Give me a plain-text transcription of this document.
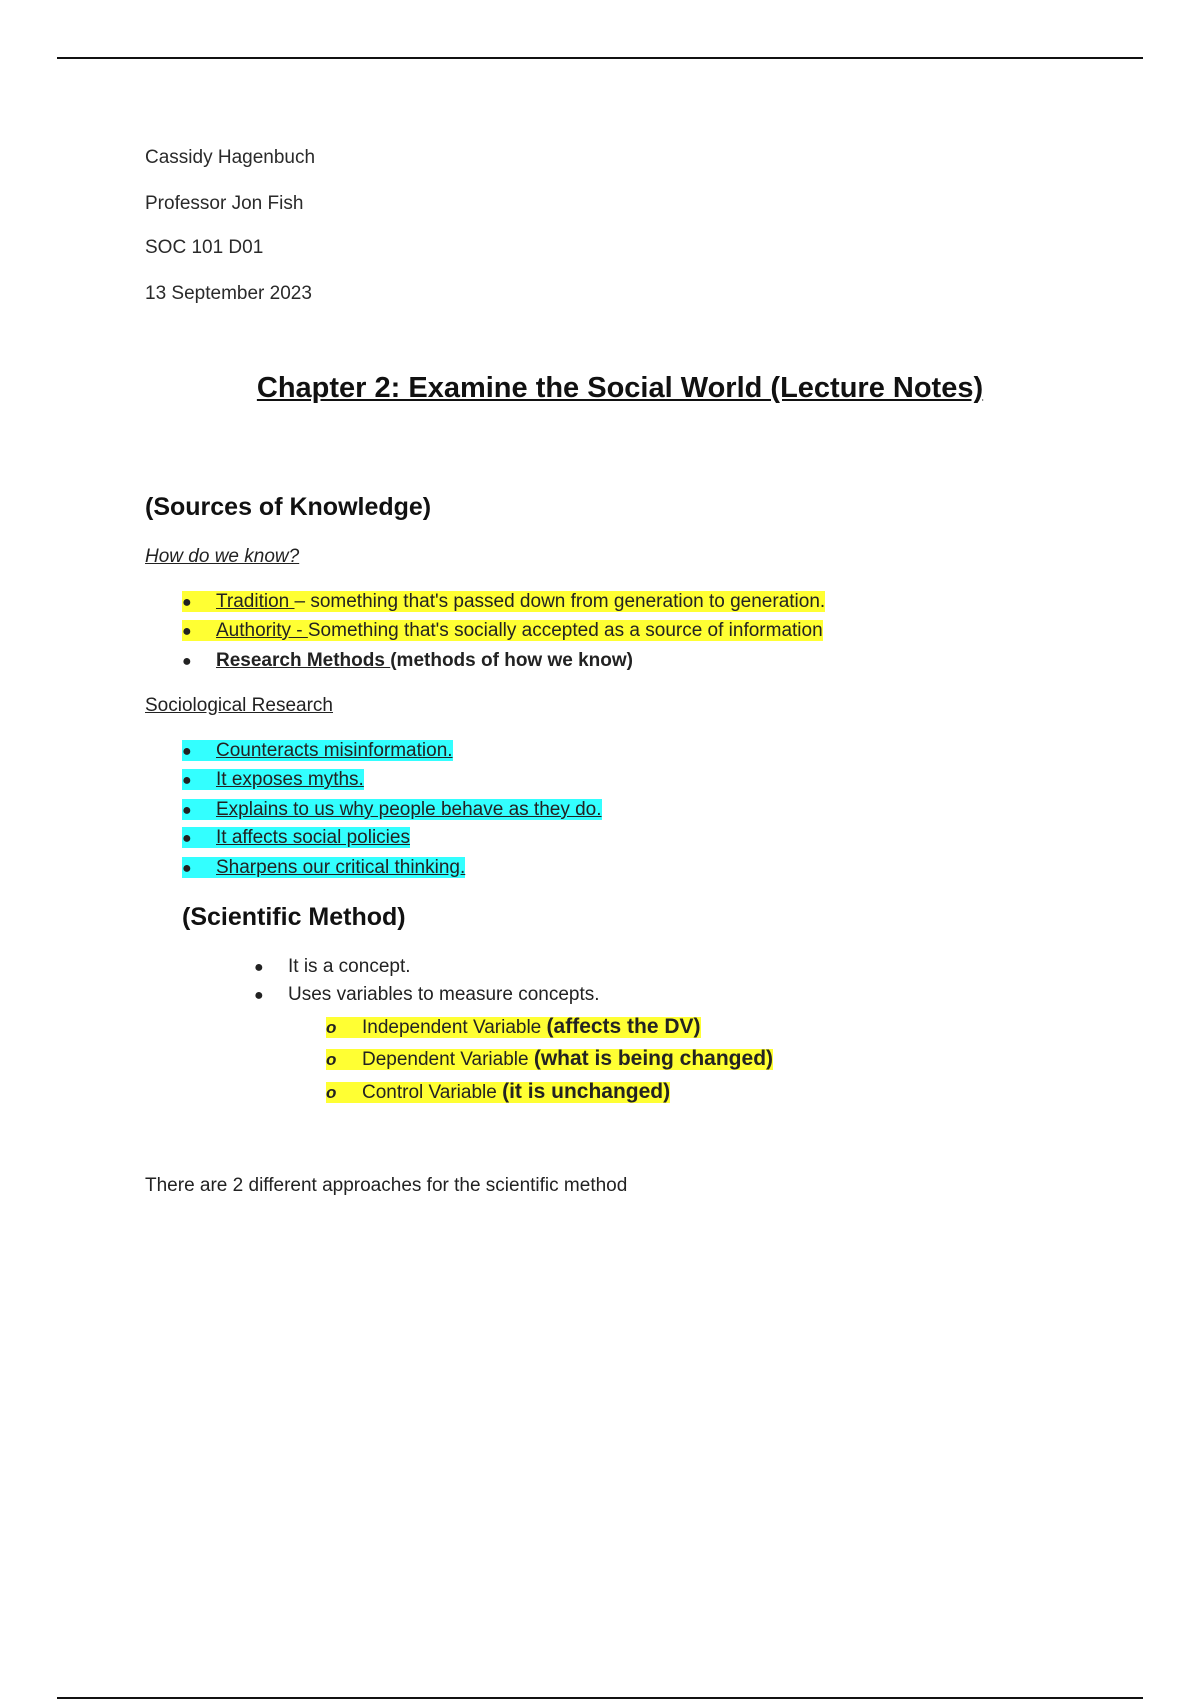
Cassidy Hagenbuch
Professor Jon Fish
SOC 101 D01
13 September 2023
Chapter 2: Examine the Social World (Lecture Notes)
(Sources of Knowledge)
How do we know?
● Tradition – something that's passed down from generation to generation.
● Authority - Something that's socially accepted as a source of information
● Research Methods (methods of how we know)
Sociological Research
● Counteracts misinformation.
● It exposes myths.
● Explains to us why people behave as they do.
● It affects social policies
● Sharpens our critical thinking.
(Scientific Method)
● It is a concept.
● Uses variables to measure concepts.
o Independent Variable (affects the DV)
o Dependent Variable (what is being changed)
o Control Variable (it is unchanged)
There are 2 different approaches for the scientific method
